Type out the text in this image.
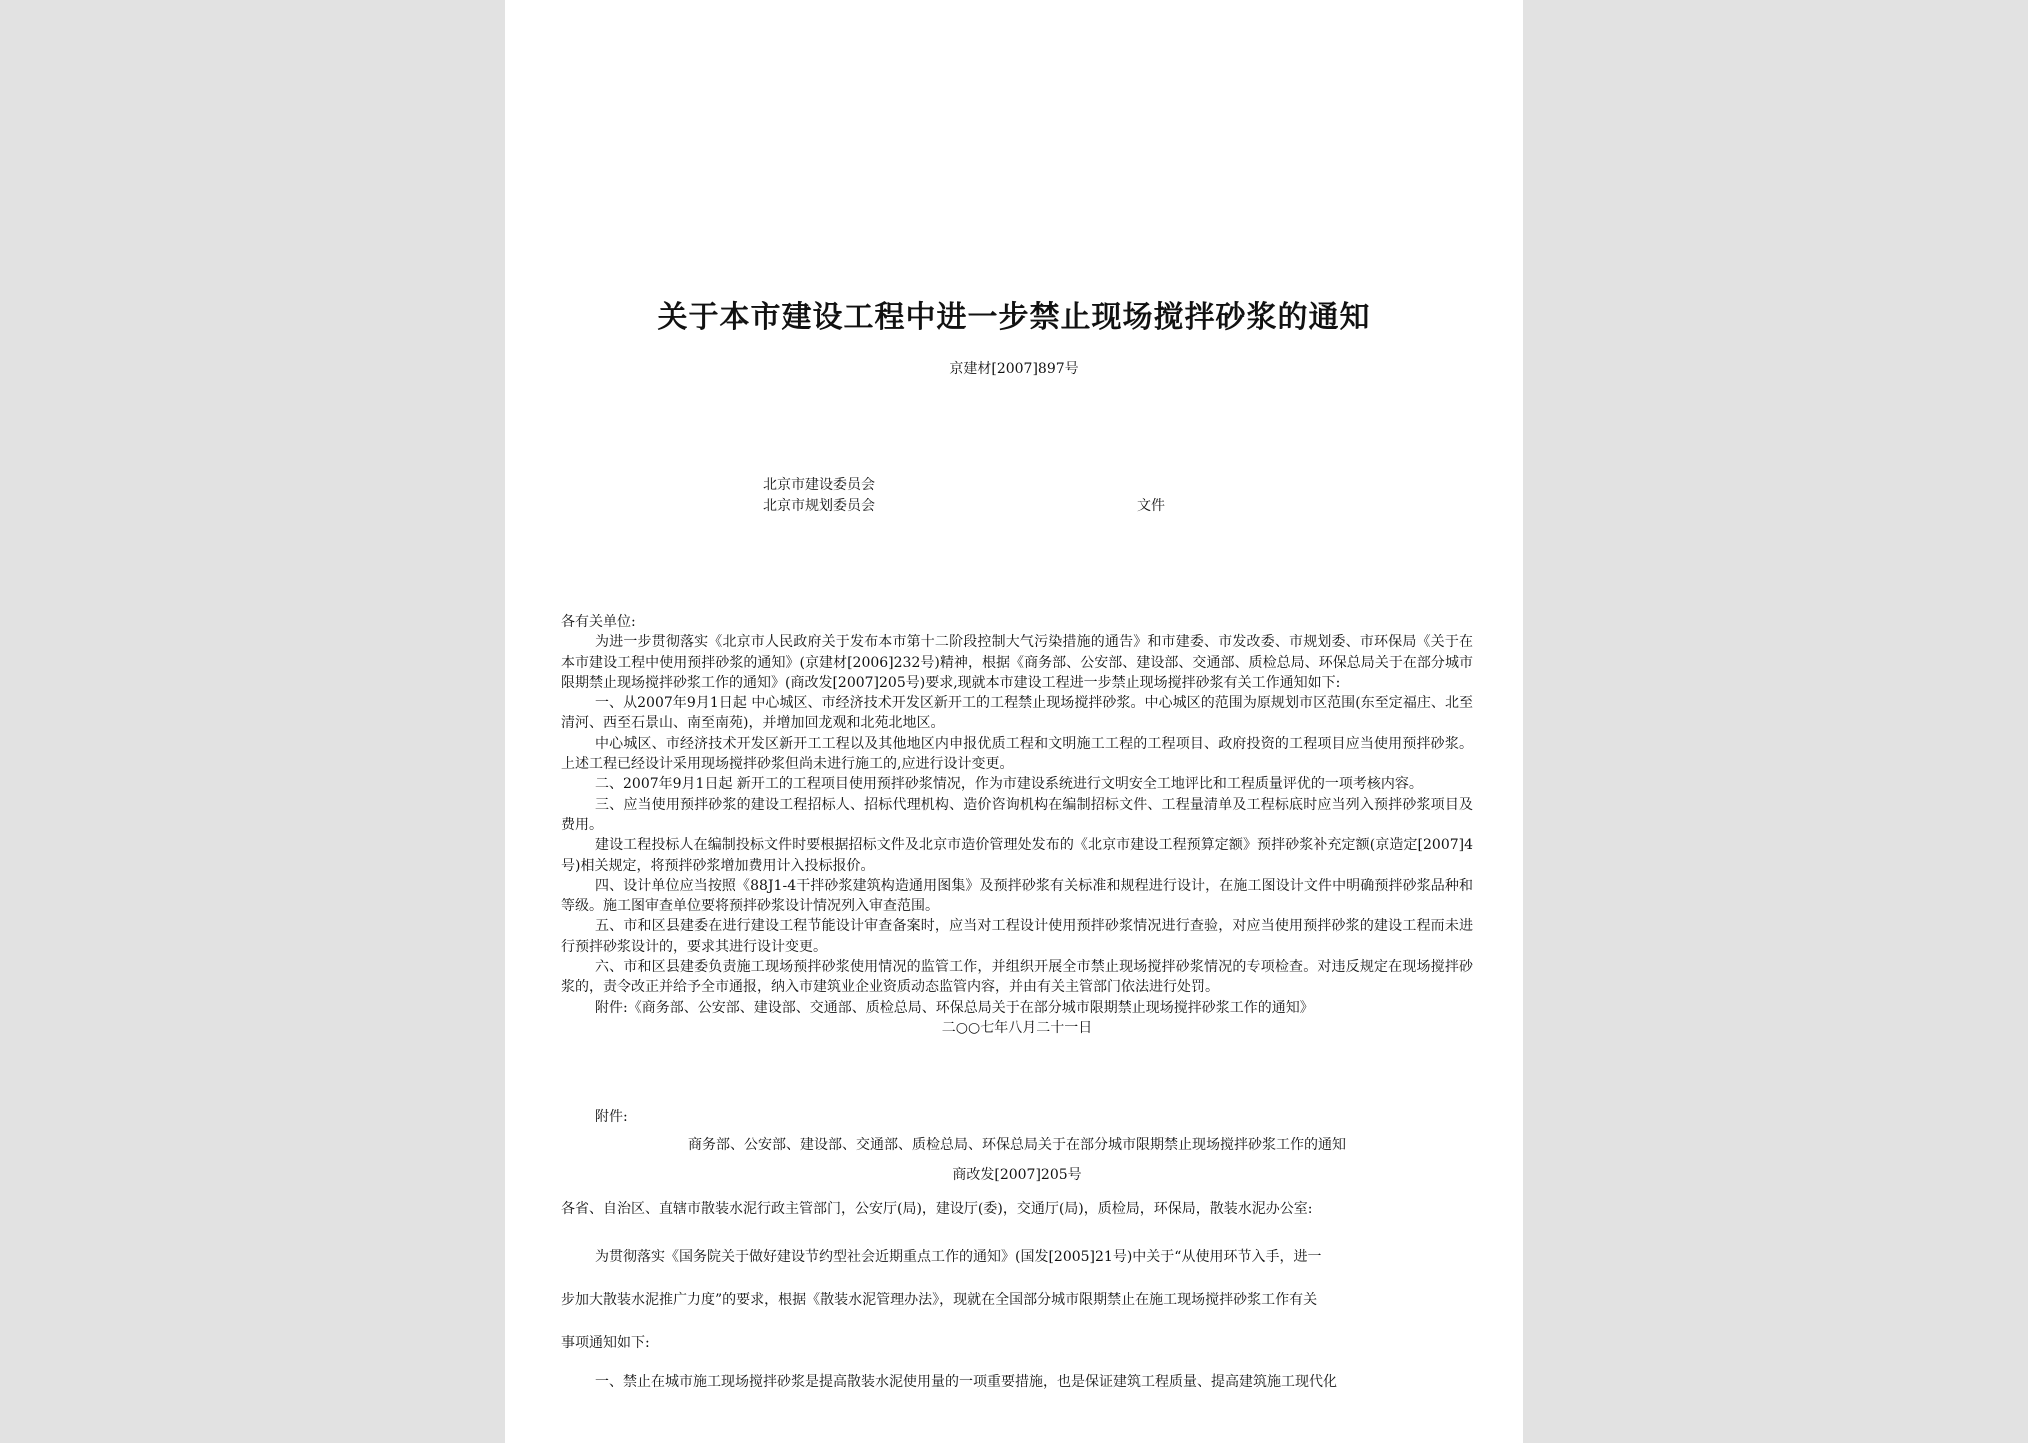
关于本市建设工程中进一步禁止现场搅拌砂浆的通知
京建材[2007]897号
北京市建设委员会
北京市规划委员会	文件

各有关单位:

为进一步贯彻落实《北京市人民政府关于发布本市第十二阶段控制大气污染措施的通告》和市建委、市发改委、市规划委、市环保局《关于在本市建设工程中使用预拌砂浆的通知》(京建材[2006]232号)精神，根据《商务部、公安部、建设部、交通部、质检总局、环保总局关于在部分城市限期禁止现场搅拌砂浆工作的通知》(商改发[2007]205号)要求,现就本市建设工程进一步禁止现场搅拌砂浆有关工作通知如下:

一、从2007年9月1日起 中心城区、市经济技术开发区新开工的工程禁止现场搅拌砂浆。中心城区的范围为原规划市区范围(东至定福庄、北至清河、西至石景山、南至南苑)，并增加回龙观和北苑北地区。

中心城区、市经济技术开发区新开工工程以及其他地区内申报优质工程和文明施工工程的工程项目、政府投资的工程项目应当使用预拌砂浆。上述工程已经设计采用现场搅拌砂浆但尚未进行施工的,应进行设计变更。

二、2007年9月1日起 新开工的工程项目使用预拌砂浆情况，作为市建设系统进行文明安全工地评比和工程质量评优的一项考核内容。

三、应当使用预拌砂浆的建设工程招标人、招标代理机构、造价咨询机构在编制招标文件、工程量清单及工程标底时应当列入预拌砂浆项目及费用。

建设工程投标人在编制投标文件时要根据招标文件及北京市造价管理处发布的《北京市建设工程预算定额》预拌砂浆补充定额(京造定[2007]4号)相关规定，将预拌砂浆增加费用计入投标报价。

四、设计单位应当按照《88J1-4干拌砂浆建筑构造通用图集》及预拌砂浆有关标准和规程进行设计，在施工图设计文件中明确预拌砂浆品种和等级。施工图审查单位要将预拌砂浆设计情况列入审查范围。

五、市和区县建委在进行建设工程节能设计审查备案时，应当对工程设计使用预拌砂浆情况进行查验，对应当使用预拌砂浆的建设工程而未进行预拌砂浆设计的，要求其进行设计变更。

六、市和区县建委负责施工现场预拌砂浆使用情况的监管工作，并组织开展全市禁止现场搅拌砂浆情况的专项检查。对违反规定在现场搅拌砂浆的，责令改正并给予全市通报，纳入市建筑业企业资质动态监管内容，并由有关主管部门依法进行处罚。

附件:《商务部、公安部、建设部、交通部、质检总局、环保总局关于在部分城市限期禁止现场搅拌砂浆工作的通知》

二○○七年八月二十一日

附件:

商务部、公安部、建设部、交通部、质检总局、环保总局关于在部分城市限期禁止现场搅拌砂浆工作的通知

商改发[2007]205号

各省、自治区、直辖市散装水泥行政主管部门，公安厅(局)，建设厅(委)，交通厅(局)，质检局，环保局，散装水泥办公室:

为贯彻落实《国务院关于做好建设节约型社会近期重点工作的通知》(国发[2005]21号)中关于“从使用环节入手，进一

步加大散装水泥推广力度”的要求，根据《散装水泥管理办法》，现就在全国部分城市限期禁止在施工现场搅拌砂浆工作有关

事项通知如下:

一、禁止在城市施工现场搅拌砂浆是提高散装水泥使用量的一项重要措施，也是保证建筑工程质量、提高建筑施工现代化
